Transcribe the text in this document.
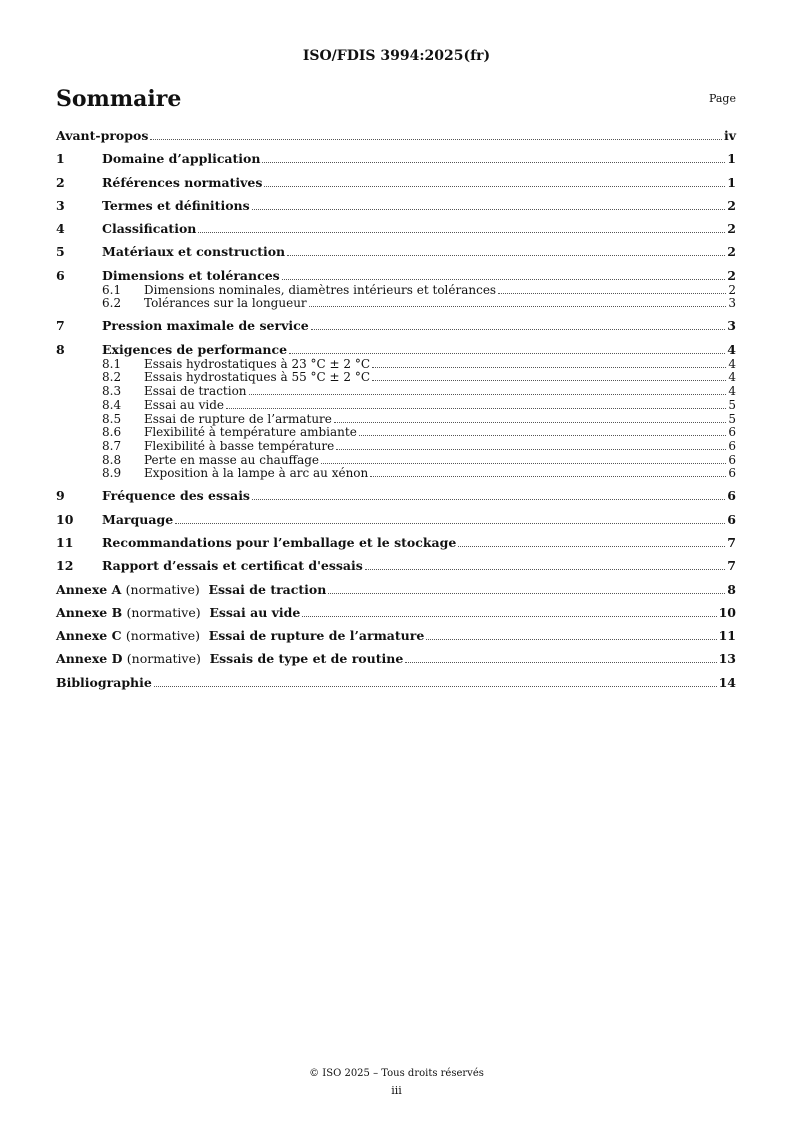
ISO/FDIS 3994:2025(fr)
Sommaire	Page
Avant-propos	iv
1	Domaine d’application	1
2	Références normatives	1
3	Termes et définitions	2
4	Classification	2
5	Matériaux et construction	2
6	Dimensions et tolérances	2
6.1	Dimensions nominales, diamètres intérieurs et tolérances	2
6.2	Tolérances sur la longueur	3
7	Pression maximale de service	3
8	Exigences de performance	4
8.1	Essais hydrostatiques à 23 °C ± 2 °C	4
8.2	Essais hydrostatiques à 55 °C ± 2 °C	4
8.3	Essai de traction	4
8.4	Essai au vide	5
8.5	Essai de rupture de l’armature	5
8.6	Flexibilité à température ambiante	6
8.7	Flexibilité à basse température	6
8.8	Perte en masse au chauffage	6
8.9	Exposition à la lampe à arc au xénon	6
9	Fréquence des essais	6
10	Marquage	6
11	Recommandations pour l’emballage et le stockage	7
12	Rapport d’essais et certificat d'essais	7
Annexe A (normative) Essai de traction	8
Annexe B (normative) Essai au vide	10
Annexe C (normative) Essai de rupture de l’armature	11
Annexe D (normative) Essais de type et de routine	13
Bibliographie	14
© ISO 2025 – Tous droits réservés
iii
